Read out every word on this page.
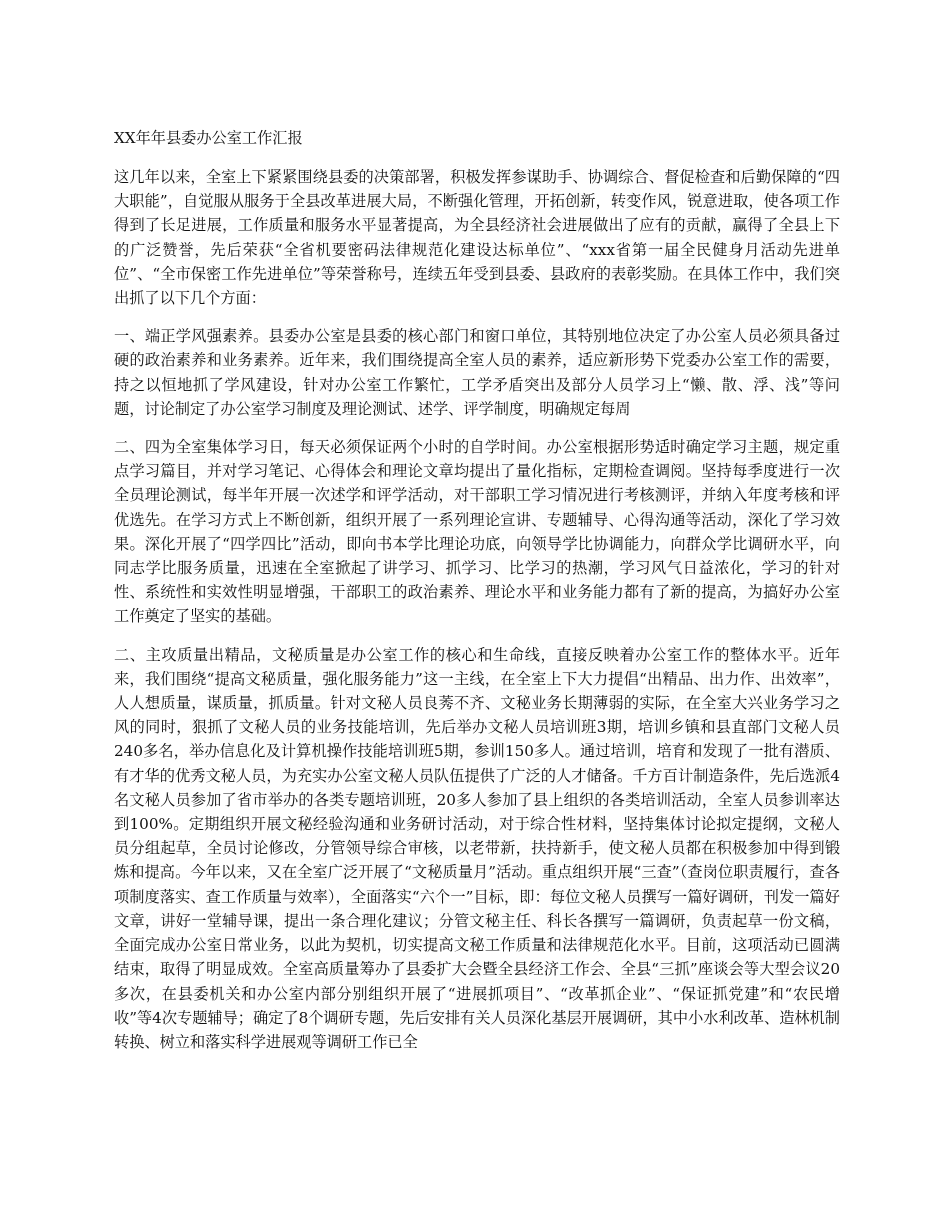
XX年年县委办公室工作汇报

这几年以来，全室上下紧紧围绕县委的决策部署，积极发挥参谋助手、协调综合、督促检查和后勤保障的“四大职能”，自觉服从服务于全县改革进展大局，不断强化管理，开拓创新，转变作风，锐意进取，使各项工作得到了长足进展，工作质量和服务水平显著提高，为全县经济社会进展做出了应有的贡献，赢得了全县上下的广泛赞誉，先后荣获“全省机要密码法律规范化建设达标单位”、“xxx省第一届全民健身月活动先进单位”、“全市保密工作先进单位”等荣誉称号，连续五年受到县委、县政府的表彰奖励。在具体工作中，我们突出抓了以下几个方面：

一、端正学风强素养。县委办公室是县委的核心部门和窗口单位，其特别地位决定了办公室人员必须具备过硬的政治素养和业务素养。近年来，我们围绕提高全室人员的素养，适应新形势下党委办公室工作的需要，持之以恒地抓了学风建设，针对办公室工作繁忙，工学矛盾突出及部分人员学习上“懒、散、浮、浅”等问题，讨论制定了办公室学习制度及理论测试、述学、评学制度，明确规定每周

二、四为全室集体学习日，每天必须保证两个小时的自学时间。办公室根据形势适时确定学习主题，规定重点学习篇目，并对学习笔记、心得体会和理论文章均提出了量化指标，定期检查调阅。坚持每季度进行一次全员理论测试，每半年开展一次述学和评学活动，对干部职工学习情况进行考核测评，并纳入年度考核和评优选先。在学习方式上不断创新，组织开展了一系列理论宣讲、专题辅导、心得沟通等活动，深化了学习效果。深化开展了“四学四比”活动，即向书本学比理论功底，向领导学比协调能力，向群众学比调研水平，向同志学比服务质量，迅速在全室掀起了讲学习、抓学习、比学习的热潮，学习风气日益浓化，学习的针对性、系统性和实效性明显增强，干部职工的政治素养、理论水平和业务能力都有了新的提高，为搞好办公室工作奠定了坚实的基础。

二、主攻质量出精品，文秘质量是办公室工作的核心和生命线，直接反映着办公室工作的整体水平。近年来，我们围绕“提高文秘质量，强化服务能力”这一主线，在全室上下大力提倡“出精品、出力作、出效率”，人人想质量，谋质量，抓质量。针对文秘人员良莠不齐、文秘业务长期薄弱的实际，在全室大兴业务学习之风的同时，狠抓了文秘人员的业务技能培训，先后举办文秘人员培训班3期，培训乡镇和县直部门文秘人员240多名，举办信息化及计算机操作技能培训班5期，参训150多人。通过培训，培育和发现了一批有潜质、有才华的优秀文秘人员，为充实办公室文秘人员队伍提供了广泛的人才储备。千方百计制造条件，先后选派4名文秘人员参加了省市举办的各类专题培训班，20多人参加了县上组织的各类培训活动，全室人员参训率达到100%。定期组织开展文秘经验沟通和业务研讨活动，对于综合性材料，坚持集体讨论拟定提纲，文秘人员分组起草，全员讨论修改，分管领导综合审核，以老带新，扶持新手，使文秘人员都在积极参加中得到锻炼和提高。今年以来，又在全室广泛开展了“文秘质量月”活动。重点组织开展“三查”（查岗位职责履行，查各项制度落实、查工作质量与效率），全面落实“六个一”目标，即：每位文秘人员撰写一篇好调研，刊发一篇好文章，讲好一堂辅导课，提出一条合理化建议；分管文秘主任、科长各撰写一篇调研，负责起草一份文稿，全面完成办公室日常业务，以此为契机，切实提高文秘工作质量和法律规范化水平。目前，这项活动已圆满结束，取得了明显成效。全室高质量筹办了县委扩大会暨全县经济工作会、全县“三抓”座谈会等大型会议20多次，在县委机关和办公室内部分别组织开展了“进展抓项目”、“改革抓企业”、“保证抓党建”和“农民增收”等4次专题辅导；确定了8个调研专题，先后安排有关人员深化基层开展调研，其中小水利改革、造林机制转换、树立和落实科学进展观等调研工作已全
